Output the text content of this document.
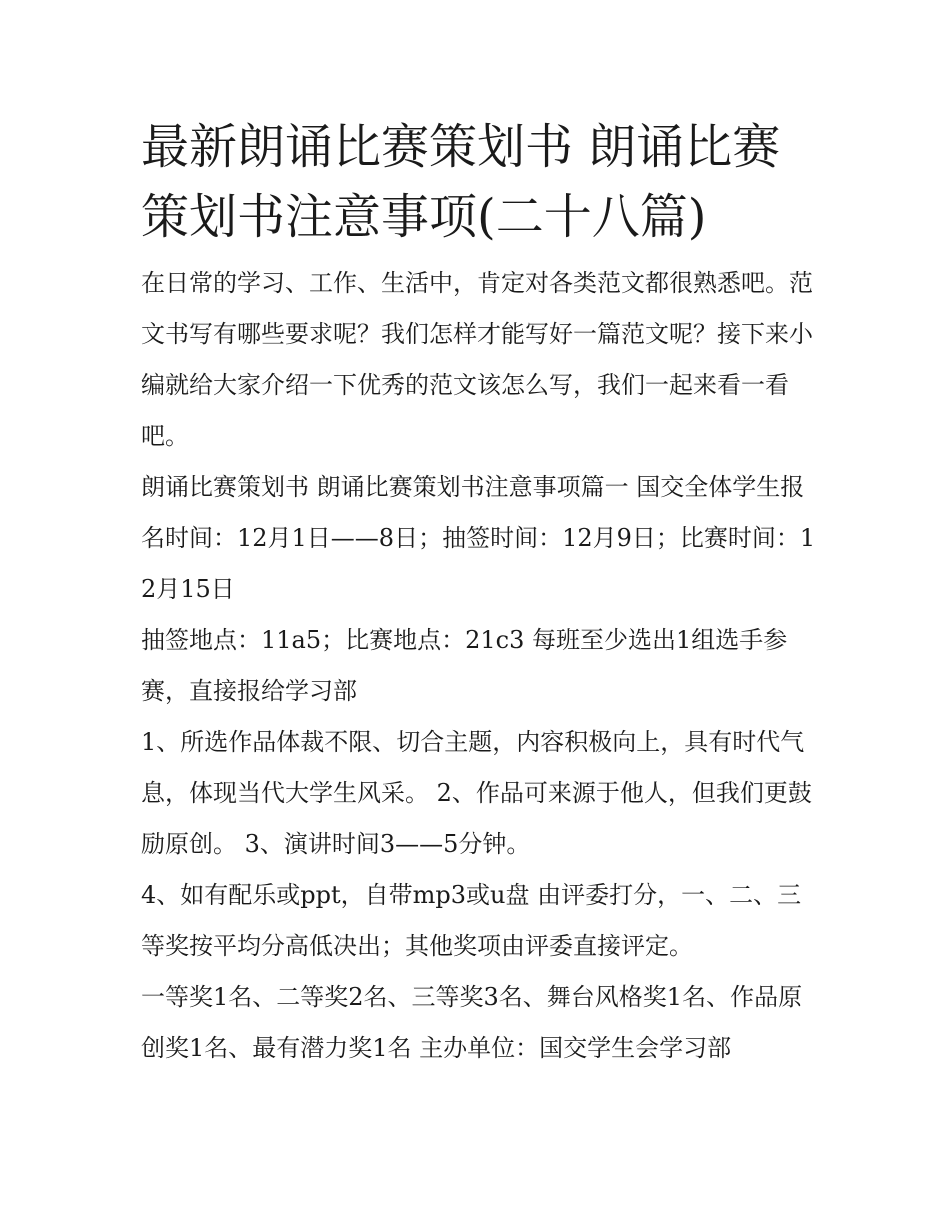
最新朗诵比赛策划书 朗诵比赛策划书注意事项(二十八篇)

在日常的学习、工作、生活中，肯定对各类范文都很熟悉吧。范文书写有哪些要求呢？我们怎样才能写好一篇范文呢？接下来小编就给大家介绍一下优秀的范文该怎么写，我们一起来看一看吧。

朗诵比赛策划书 朗诵比赛策划书注意事项篇一 国交全体学生报名时间：12月1日——8日；抽签时间：12月9日；比赛时间：12月15日

抽签地点：11a5；比赛地点：21c3 每班至少选出1组选手参赛，直接报给学习部

1、所选作品体裁不限、切合主题，内容积极向上，具有时代气息，体现当代大学生风采。 2、作品可来源于他人，但我们更鼓励原创。 3、演讲时间3——5分钟。

4、如有配乐或ppt，自带mp3或u盘 由评委打分，一、二、三等奖按平均分高低决出；其他奖项由评委直接评定。

一等奖1名、二等奖2名、三等奖3名、舞台风格奖1名、作品原创奖1名、最有潜力奖1名 主办单位：国交学生会学习部
